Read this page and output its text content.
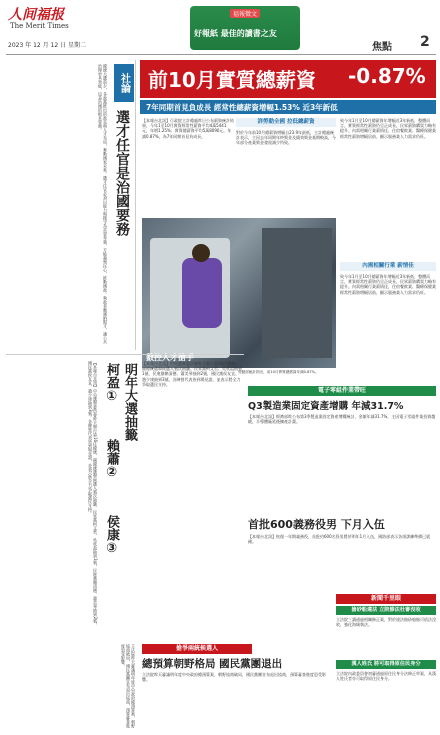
人间福报
The Merit Times
2023 年 12 月 12 日 星期二
福報徵文
好報紙 最佳的讀書之友
焦點 2
社論
選才任官是治國要務
總統大選前夕，各政黨推出的政見與人才布局，牽動國家未來。選才任官必須以能力與操守為首要考量，方能凝聚民心、推動國政。執政者應廣納賢才，讓公共治理更具效能，這是治國的根本要務。 前10月實質總薪資 -0.87%
7年同期首見負成長 經常性總薪資增幅1.53% 近3年新低
【本報台北訊】行政院主計總處昨日公布薪資統計結果，今年1至10月實質經常性薪資平均4萬5441元，年增1.25%；實質總薪資平均5萬8090元，年減0.87%，為7年同期首見負成長。
詳勞動全國 拉低總薪資
對於今年前10月總薪資增幅自23.9年最低，主計總處統計表示，主因去年同期年終獎金及績效獎金基期較高，今年部分產業獎金發放減少所致。
致今年1月至10月總薪資年增幅近3年新低，整體而言，實質經常性薪資仍呈正成長，民眾薪資購買力略有提升。內需相關行業薪情佳，住宿餐飲業、醫療保健業經常性薪資增幅居前，顯示服務業人力需求仍旺。
內需相關行業 薪情佳
致今年1月至10月總薪資年增幅近3年新低，整體而言，實質經常性薪資仍呈正成長，民眾薪資購買力略有提升。內需相關行業薪情佳，住宿餐飲業、醫療保健業經常性薪資增幅居前，顯示服務業人力需求仍旺。
數控人才搶手
勞動部統計指出，前10月實質總薪資年減0.87%。
明年大選抽籤
柯盈①
賴蕭②
侯康③
【本報台北訊】中央選舉委員會昨天舉行第16任總統、副總統選舉候選人號次抽籤。民眾黨柯文哲、吳欣盈抽到1號，民進黨賴清德、蕭美琴抽到2號，國民黨侯友宜、趙少康抽到3號。各陣營代表皆到場見證，並表示將全力爭取選民支持。	【本報台北訊】中央選舉委員會昨天舉行第16任總統、副總統選舉候選人號次抽籤。民眾黨柯文哲、吳欣盈抽到1號，民進黨賴清德、蕭美琴抽到2號，國民黨侯友宜、趙少康抽到3號。各陣營代表皆到場見證，並表示將全力爭取選民支持。
搶爭兩統候選人
總預算朝野格局 國民黨團退出
立法院昨天審議明年度中央政府總預算案，朝野協商破局，國民黨團宣布退出協商，預算審查進度恐受影響。
立法院昨天審議明年度中央政府總預算案，朝野協商破局，國民黨團宣布退出協商，預算審查進度恐受影響。
電子零組件業帶旺
Q3製造業固定資產增購 年減31.7%
【本報台北訊】經濟部昨公布第3季製造業固定資產增購統計，金額年減31.7%，主因電子零組件業投資趨緩，半導體廠延後擴產計畫。
首批600義務役男 下月入伍
【本報台北訊】恢復一年期義務役，首批約600名役男將於明年1月入伍，國防部表示各項訓練準備已就緒。
新聞千里眼
搶砂船違法 立院修法杜審沒收
立法院三讀通過相關修正案，對於違法抽砂船舶可依法沒收，強化海域執法。
漢人姓氏 將可取得原住民身分
立法院內政委員會初審通過原住民身分法修正草案，具漢人姓氏者亦可取得原住民身分。
